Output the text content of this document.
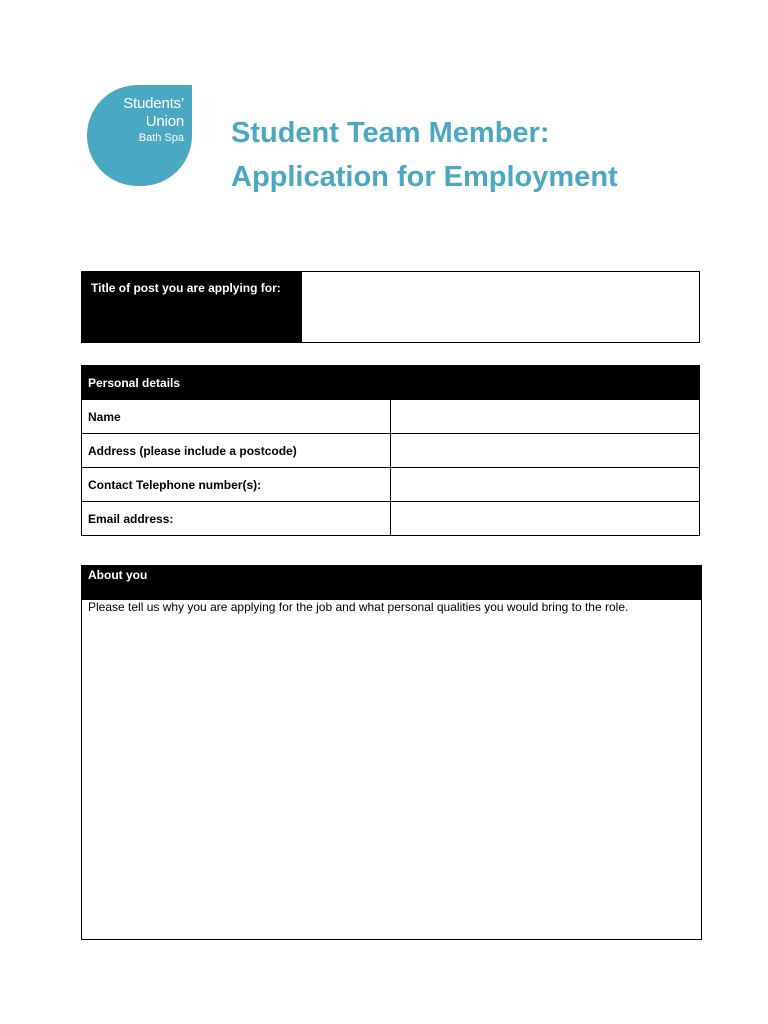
Students’
Union
Bath Spa Student Team Member:
Application for Employment
Title of post you are applying for:	
Personal details	
Name	
Address (please include a postcode)	
Contact Telephone number(s):	
Email address:	
About you
Please tell us why you are applying for the job and what personal qualities you would bring to the role.
